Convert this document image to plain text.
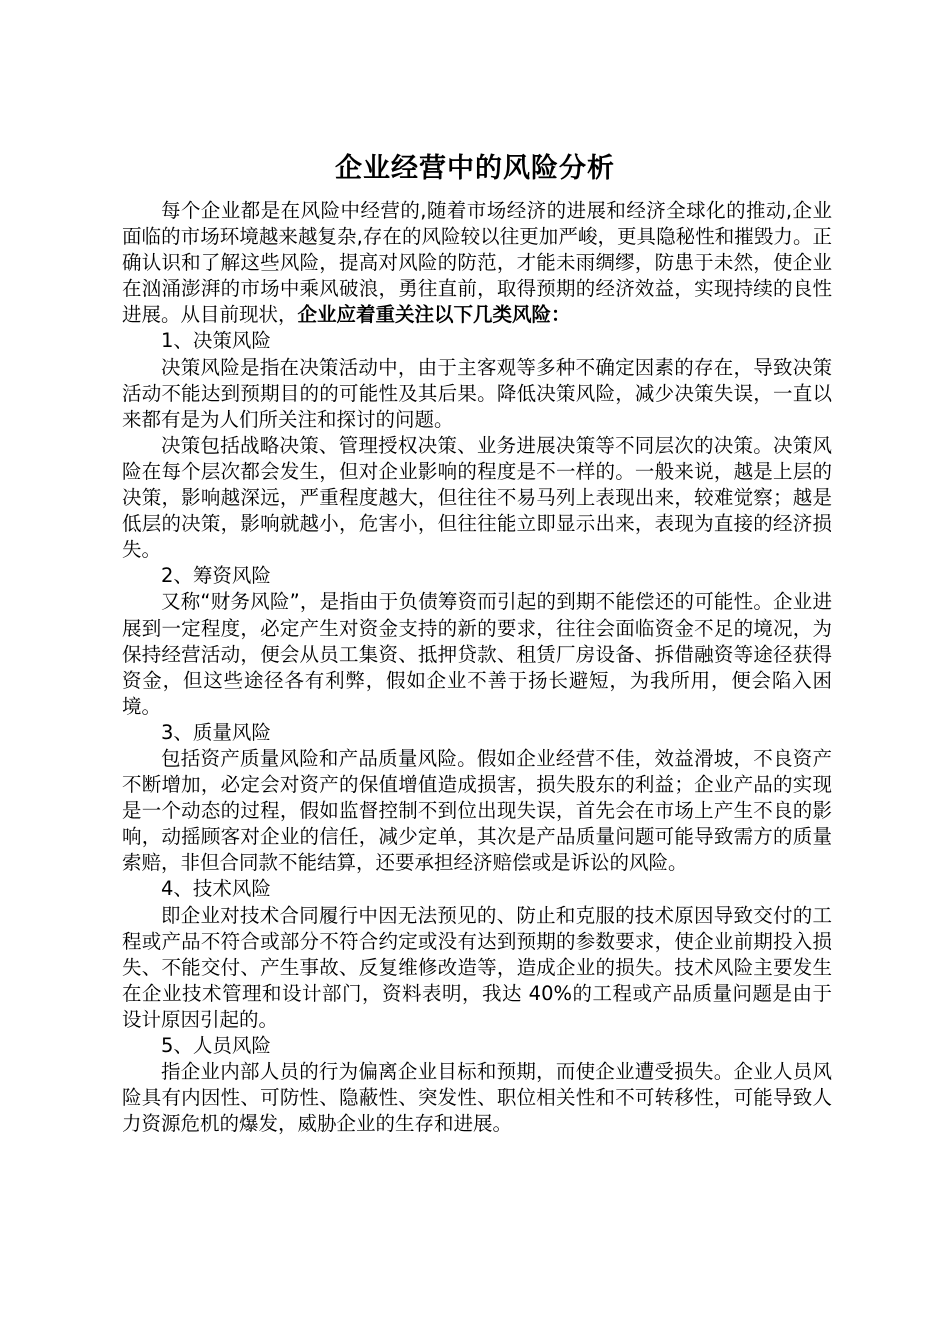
企业经营中的风险分析

每个企业都是在风险中经营的,随着市场经济的进展和经济全球化的推动,企业面临的市场环境越来越复杂,存在的风险较以往更加严峻，更具隐秘性和摧毁力。正确认识和了解这些风险，提高对风险的防范，才能未雨绸缪，防患于未然，使企业在汹涌澎湃的市场中乘风破浪，勇往直前，取得预期的经济效益，实现持续的良性进展。从目前现状，企业应着重关注以下几类风险：

1、决策风险

决策风险是指在决策活动中，由于主客观等多种不确定因素的存在，导致决策活动不能达到预期目的的可能性及其后果。降低决策风险，减少决策失误，一直以来都有是为人们所关注和探讨的问题。

决策包括战略决策、管理授权决策、业务进展决策等不同层次的决策。决策风险在每个层次都会发生，但对企业影响的程度是不一样的。一般来说，越是上层的决策，影响越深远，严重程度越大，但往往不易马列上表现出来，较难觉察；越是低层的决策，影响就越小，危害小，但往往能立即显示出来，表现为直接的经济损失。

2、筹资风险

又称“财务风险”，是指由于负债筹资而引起的到期不能偿还的可能性。企业进展到一定程度，必定产生对资金支持的新的要求，往往会面临资金不足的境况，为保持经营活动，便会从员工集资、抵押贷款、租赁厂房设备、拆借融资等途径获得资金，但这些途径各有利弊，假如企业不善于扬长避短，为我所用，便会陷入困境。

3、质量风险

包括资产质量风险和产品质量风险。假如企业经营不佳，效益滑坡，不良资产不断增加，必定会对资产的保值增值造成损害，损失股东的利益；企业产品的实现是一个动态的过程，假如监督控制不到位出现失误，首先会在市场上产生不良的影响，动摇顾客对企业的信任，减少定单，其次是产品质量问题可能导致需方的质量索赔，非但合同款不能结算，还要承担经济赔偿或是诉讼的风险。

4、技术风险

即企业对技术合同履行中因无法预见的、防止和克服的技术原因导致交付的工程或产品不符合或部分不符合约定或没有达到预期的参数要求，使企业前期投入损失、不能交付、产生事故、反复维修改造等，造成企业的损失。技术风险主要发生在企业技术管理和设计部门，资料表明，我达 40%的工程或产品质量问题是由于设计原因引起的。

5、人员风险

指企业内部人员的行为偏离企业目标和预期，而使企业遭受损失。企业人员风险具有内因性、可防性、隐蔽性、突发性、职位相关性和不可转移性，可能导致人力资源危机的爆发，威胁企业的生存和进展。
